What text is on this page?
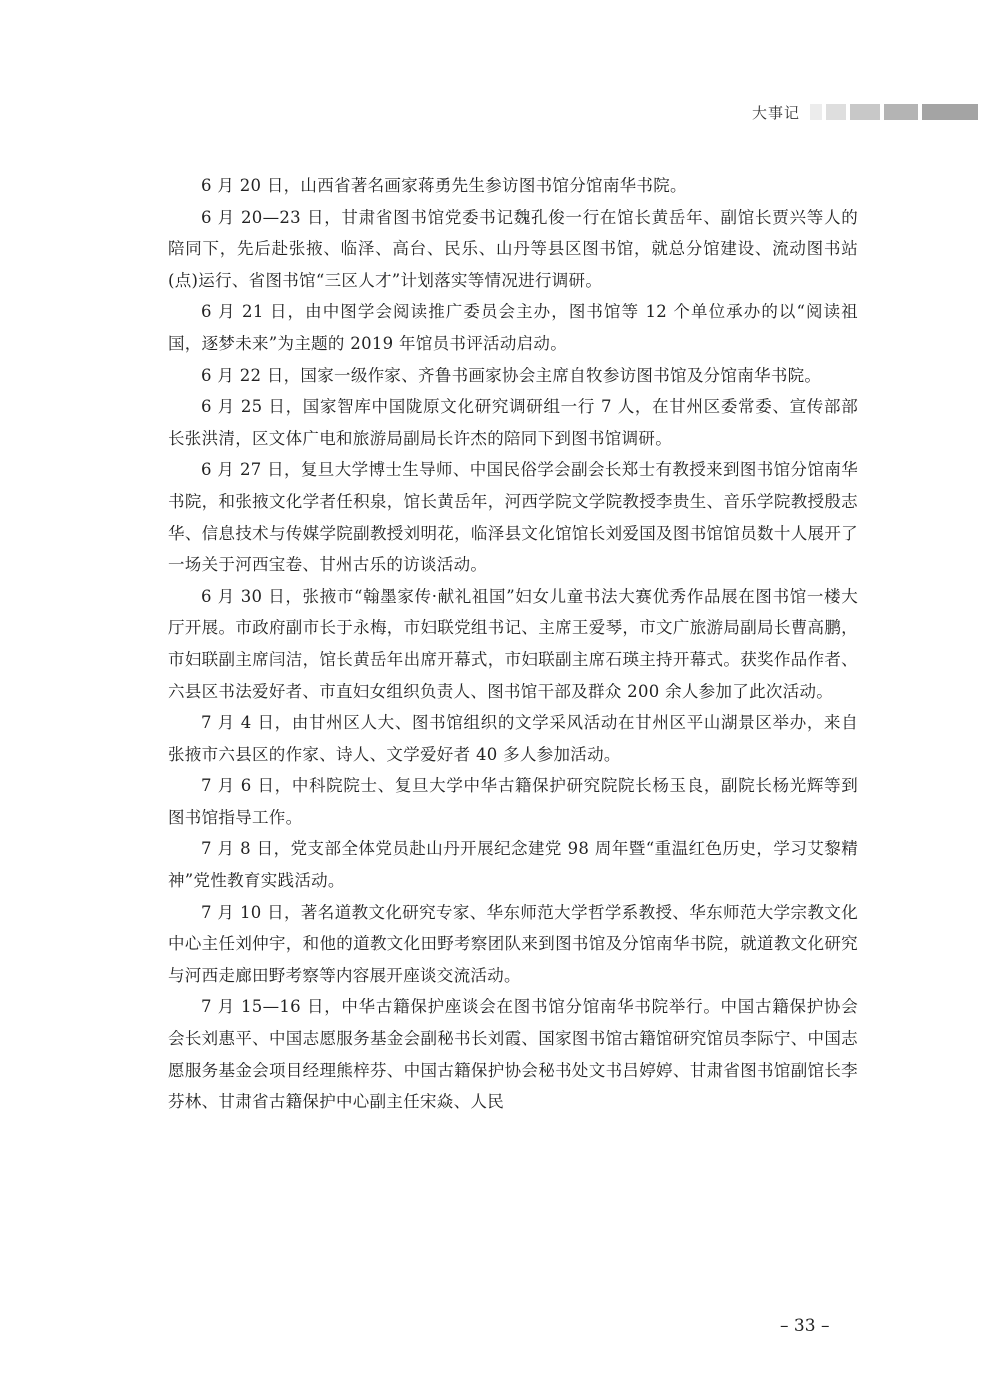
大事记

6 月 20 日，山西省著名画家蒋勇先生参访图书馆分馆南华书院。

6 月 20—23 日，甘肃省图书馆党委书记魏孔俊一行在馆长黄岳年、副馆长贾兴等人的陪同下，先后赴张掖、临泽、高台、民乐、山丹等县区图书馆，就总分馆建设、流动图书站(点)运行、省图书馆“三区人才”计划落实等情况进行调研。

6 月 21 日，由中图学会阅读推广委员会主办，图书馆等 12 个单位承办的以“阅读祖国，逐梦未来”为主题的 2019 年馆员书评活动启动。

6 月 22 日，国家一级作家、齐鲁书画家协会主席自牧参访图书馆及分馆南华书院。

6 月 25 日，国家智库中国陇原文化研究调研组一行 7 人，在甘州区委常委、宣传部部长张洪清，区文体广电和旅游局副局长许杰的陪同下到图书馆调研。

6 月 27 日，复旦大学博士生导师、中国民俗学会副会长郑士有教授来到图书馆分馆南华书院，和张掖文化学者任积泉，馆长黄岳年，河西学院文学院教授李贵生、音乐学院教授殷志华、信息技术与传媒学院副教授刘明花，临泽县文化馆馆长刘爱国及图书馆馆员数十人展开了一场关于河西宝卷、甘州古乐的访谈活动。

6 月 30 日，张掖市“翰墨家传·献礼祖国”妇女儿童书法大赛优秀作品展在图书馆一楼大厅开展。市政府副市长于永梅，市妇联党组书记、主席王爱琴，市文广旅游局副局长曹高鹏，市妇联副主席闫洁，馆长黄岳年出席开幕式，市妇联副主席石瑛主持开幕式。获奖作品作者、六县区书法爱好者、市直妇女组织负责人、图书馆干部及群众 200 余人参加了此次活动。

7 月 4 日，由甘州区人大、图书馆组织的文学采风活动在甘州区平山湖景区举办，来自张掖市六县区的作家、诗人、文学爱好者 40 多人参加活动。

7 月 6 日，中科院院士、复旦大学中华古籍保护研究院院长杨玉良，副院长杨光辉等到图书馆指导工作。

7 月 8 日，党支部全体党员赴山丹开展纪念建党 98 周年暨“重温红色历史，学习艾黎精神”党性教育实践活动。

7 月 10 日，著名道教文化研究专家、华东师范大学哲学系教授、华东师范大学宗教文化中心主任刘仲宇，和他的道教文化田野考察团队来到图书馆及分馆南华书院，就道教文化研究与河西走廊田野考察等内容展开座谈交流活动。

7 月 15—16 日，中华古籍保护座谈会在图书馆分馆南华书院举行。中国古籍保护协会会长刘惠平、中国志愿服务基金会副秘书长刘霞、国家图书馆古籍馆研究馆员李际宁、中国志愿服务基金会项目经理熊梓芬、中国古籍保护协会秘书处文书吕婷婷、甘肃省图书馆副馆长李芬林、甘肃省古籍保护中心副主任宋焱、人民

– 33 –
